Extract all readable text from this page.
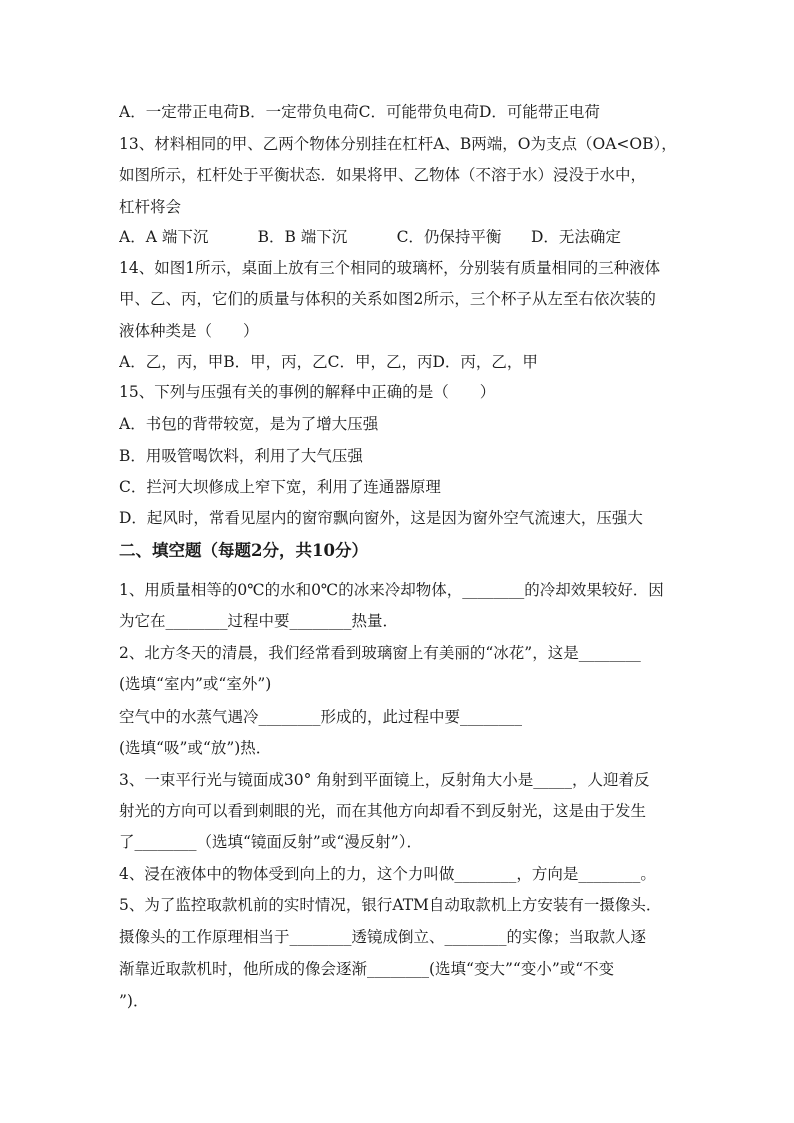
A．一定带正电荷B．一定带负电荷C．可能带负电荷D．可能带正电荷
13、材料相同的甲、乙两个物体分别挂在杠杆A、B两端，O为支点（OA<OB），
如图所示，杠杆处于平衡状态．如果将甲、乙物体（不溶于水）浸没于水中，
杠杆将会
A．A 端下沉          B．B 端下沉          C．仍保持平衡      D．无法确定
14、如图1所示，桌面上放有三个相同的玻璃杯，分别装有质量相同的三种液体
甲、乙、丙，它们的质量与体积的关系如图2所示，三个杯子从左至右依次装的
液体种类是（　　）
A．乙，丙，甲B．甲，丙，乙C．甲，乙，丙D．丙，乙，甲
15、下列与压强有关的事例的解释中正确的是（　　）
A．书包的背带较宽，是为了增大压强
B．用吸管喝饮料，利用了大气压强
C．拦河大坝修成上窄下宽，利用了连通器原理
D．起风时，常看见屋内的窗帘飘向窗外，这是因为窗外空气流速大，压强大
二、填空题（每题2分，共10分）
1、用质量相等的0℃的水和0℃的冰来冷却物体，________的冷却效果较好．因
为它在________过程中要________热量．
2、北方冬天的清晨，我们经常看到玻璃窗上有美丽的“冰花”，这是________
(选填“室内”或“室外”)
空气中的水蒸气遇冷________形成的，此过程中要________
(选填“吸”或“放”)热．
3、一束平行光与镜面成30° 角射到平面镜上，反射角大小是_____，人迎着反
射光的方向可以看到刺眼的光，而在其他方向却看不到反射光，这是由于发生
了________（选填“镜面反射”或“漫反射”）．
4、浸在液体中的物体受到向上的力，这个力叫做________，方向是________。
5、为了监控取款机前的实时情况，银行ATM自动取款机上方安装有一摄像头．
摄像头的工作原理相当于________透镜成倒立、________的实像；当取款人逐
渐靠近取款机时，他所成的像会逐渐________(选填“变大”“变小”或“不变
”)．
